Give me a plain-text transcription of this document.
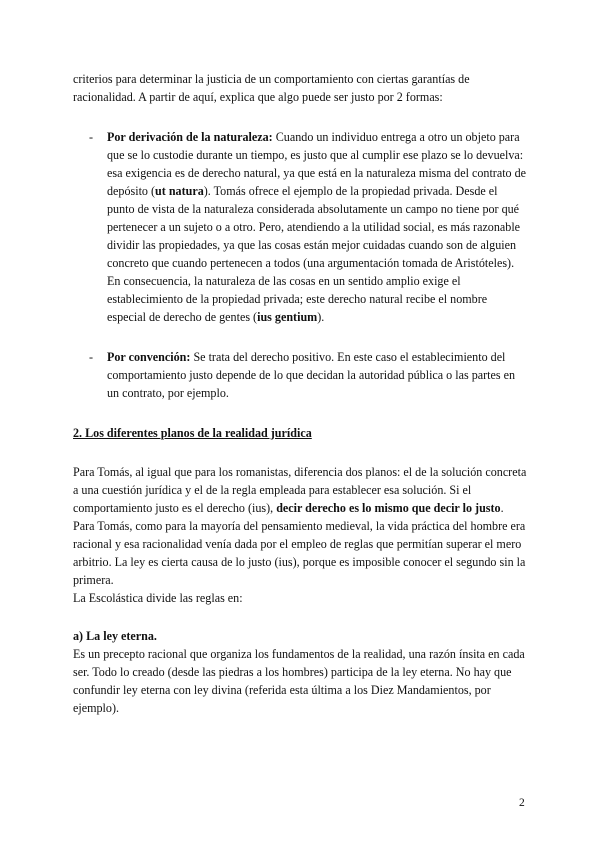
criterios para determinar la justicia de un comportamiento con ciertas garantías de racionalidad. A partir de aquí, explica que algo puede ser justo por 2 formas:

- Por derivación de la naturaleza: Cuando un individuo entrega a otro un objeto para que se lo custodie durante un tiempo, es justo que al cumplir ese plazo se lo devuelva: esa exigencia es de derecho natural, ya que está en la naturaleza misma del contrato de depósito (ut natura). Tomás ofrece el ejemplo de la propiedad privada. Desde el punto de vista de la naturaleza considerada absolutamente un campo no tiene por qué pertenecer a un sujeto o a otro. Pero, atendiendo a la utilidad social, es más razonable dividir las propiedades, ya que las cosas están mejor cuidadas cuando son de alguien concreto que cuando pertenecen a todos (una argumentación tomada de Aristóteles). En consecuencia, la naturaleza de las cosas en un sentido amplio exige el establecimiento de la propiedad privada; este derecho natural recibe el nombre especial de derecho de gentes (ius gentium).

- Por convención: Se trata del derecho positivo. En este caso el establecimiento del comportamiento justo depende de lo que decidan la autoridad pública o las partes en un contrato, por ejemplo.

2. Los diferentes planos de la realidad jurídica

Para Tomás, al igual que para los romanistas, diferencia dos planos: el de la solución concreta a una cuestión jurídica y el de la regla empleada para establecer esa solución. Si el comportamiento justo es el derecho (ius), decir derecho es lo mismo que decir lo justo. Para Tomás, como para la mayoría del pensamiento medieval, la vida práctica del hombre era racional y esa racionalidad venía dada por el empleo de reglas que permitían superar el mero arbitrio. La ley es cierta causa de lo justo (ius), porque es imposible conocer el segundo sin la primera.

La Escolástica divide las reglas en:

a) La ley eterna.

Es un precepto racional que organiza los fundamentos de la realidad, una razón ínsita en cada ser. Todo lo creado (desde las piedras a los hombres) participa de la ley eterna. No hay que confundir ley eterna con ley divina (referida esta última a los Diez Mandamientos, por ejemplo).

2
